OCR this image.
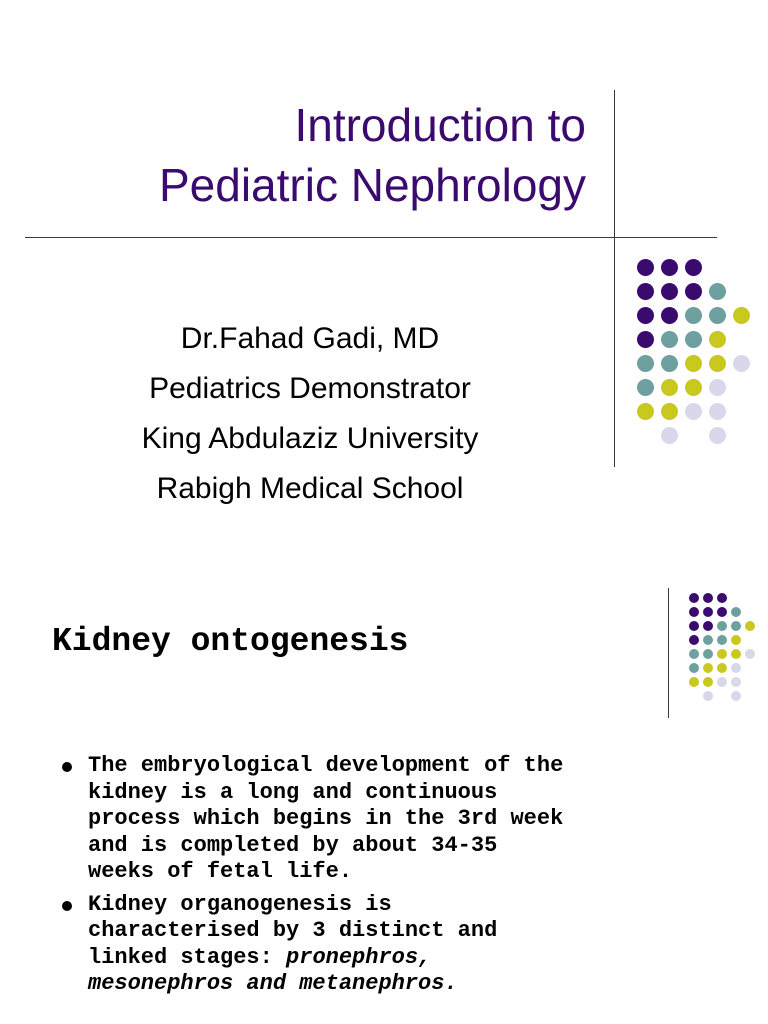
Introduction to
Pediatric Nephrology
Dr.Fahad Gadi, MD
Pediatrics Demonstrator
King Abdulaziz University
Rabigh Medical School
Kidney ontogenesis
The embryological development of the
kidney is a long and continuous
process which begins in the 3rd week
and is completed by about 34-35
weeks of fetal life.
Kidney organogenesis is
characterised by 3 distinct and
linked stages: pronephros,
mesonephros and metanephros.
